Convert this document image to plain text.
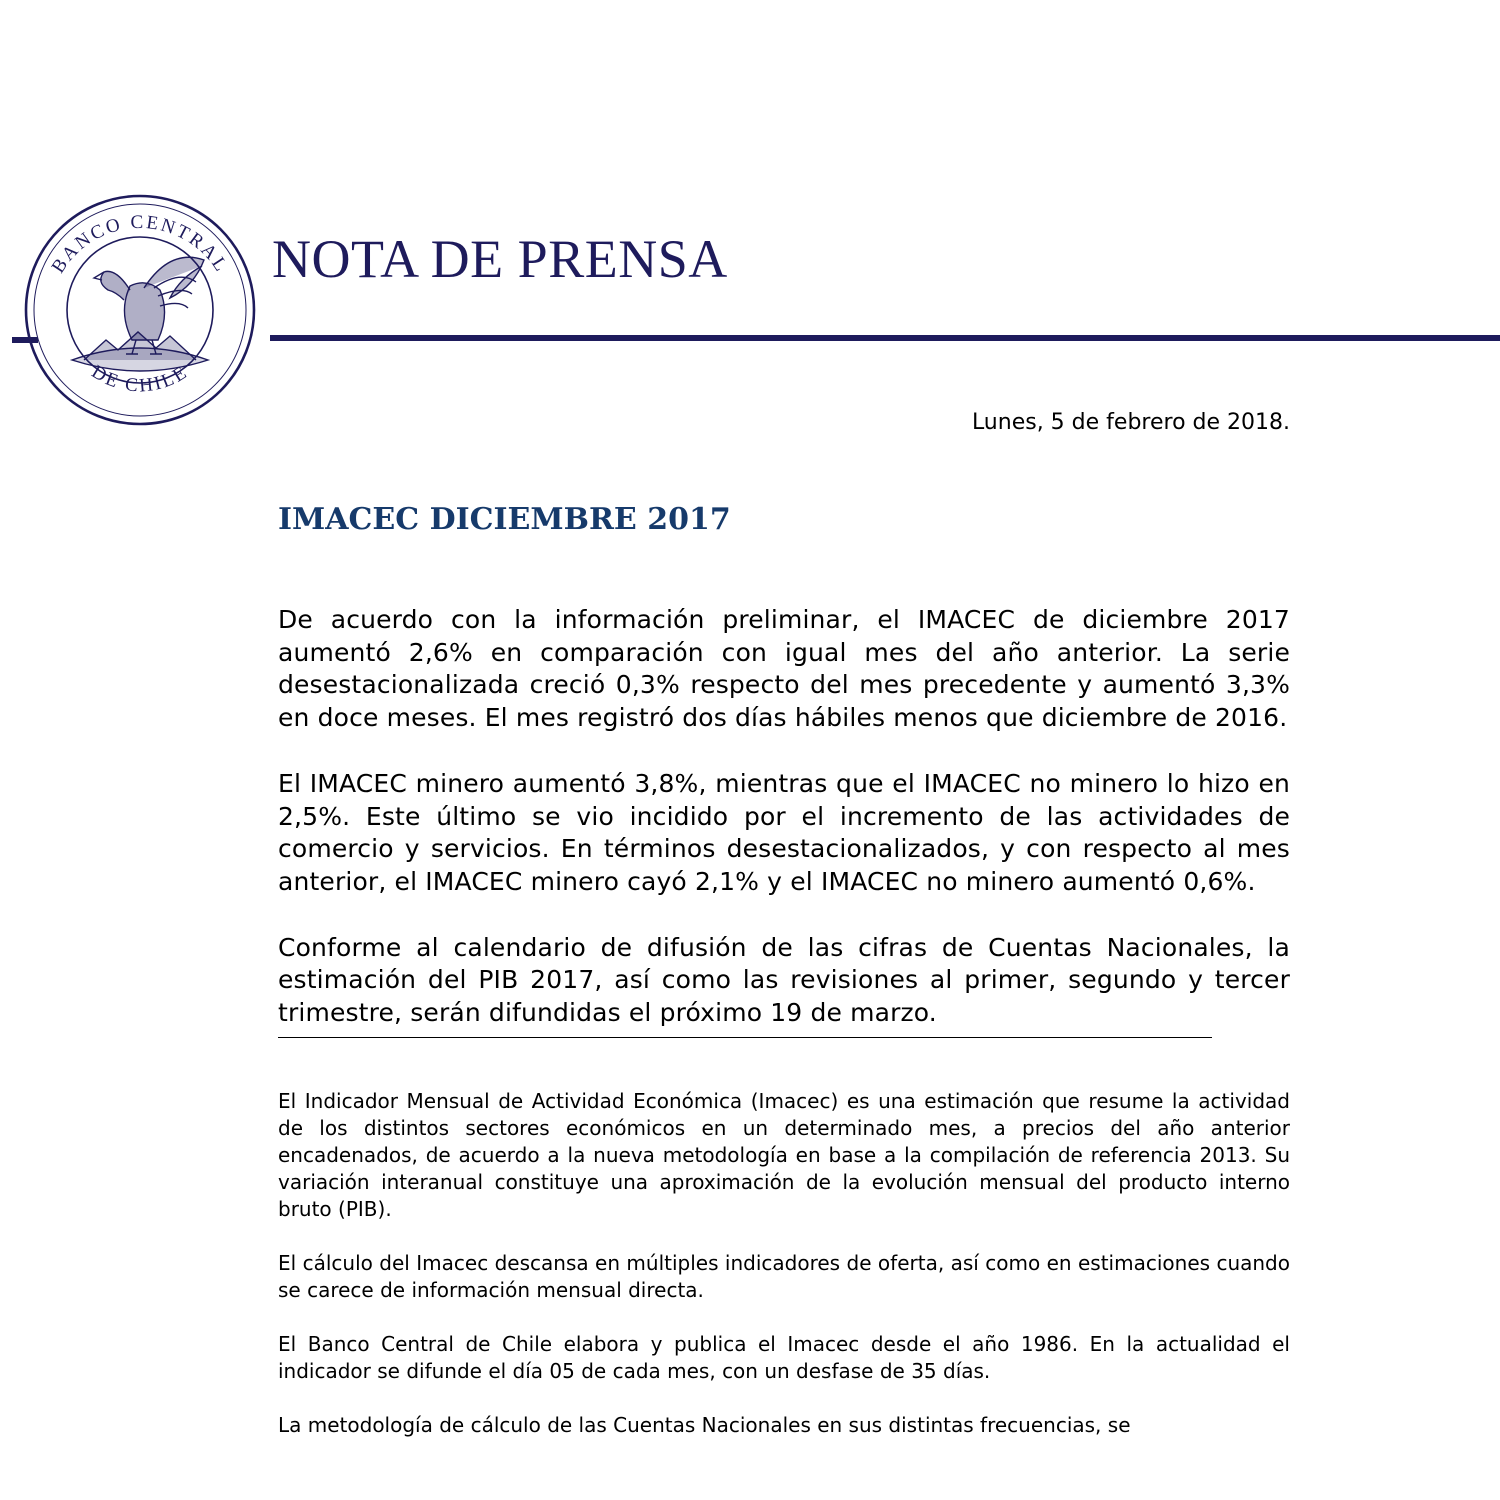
BANCO CENTRAL
DE CHILE
NOTA DE PRENSA
Lunes, 5 de febrero de 2018.
IMACEC DICIEMBRE 2017

De acuerdo con la información preliminar, el IMACEC de diciembre 2017 aumentó 2,6% en comparación con igual mes del año anterior. La serie desestacionalizada creció 0,3% respecto del mes precedente y aumentó 3,3% en doce meses. El mes registró dos días hábiles menos que diciembre de 2016.

El IMACEC minero aumentó 3,8%, mientras que el IMACEC no minero lo hizo en 2,5%. Este último se vio incidido por el incremento de las actividades de comercio y servicios. En términos desestacionalizados, y con respecto al mes anterior, el IMACEC minero cayó 2,1% y el IMACEC no minero aumentó 0,6%.

Conforme al calendario de difusión de las cifras de Cuentas Nacionales, la estimación del PIB 2017, así como las revisiones al primer, segundo y tercer trimestre, serán difundidas el próximo 19 de marzo.

El Indicador Mensual de Actividad Económica (Imacec) es una estimación que resume la actividad de los distintos sectores económicos en un determinado mes, a precios del año anterior encadenados, de acuerdo a la nueva metodología en base a la compilación de referencia 2013. Su variación interanual constituye una aproximación de la evolución mensual del producto interno bruto (PIB).

El cálculo del Imacec descansa en múltiples indicadores de oferta, así como en estimaciones cuando se carece de información mensual directa.

El Banco Central de Chile elabora y publica el Imacec desde el año 1986. En la actualidad el indicador se difunde el día 05 de cada mes, con un desfase de 35 días.

La metodología de cálculo de las Cuentas Nacionales en sus distintas frecuencias, se
